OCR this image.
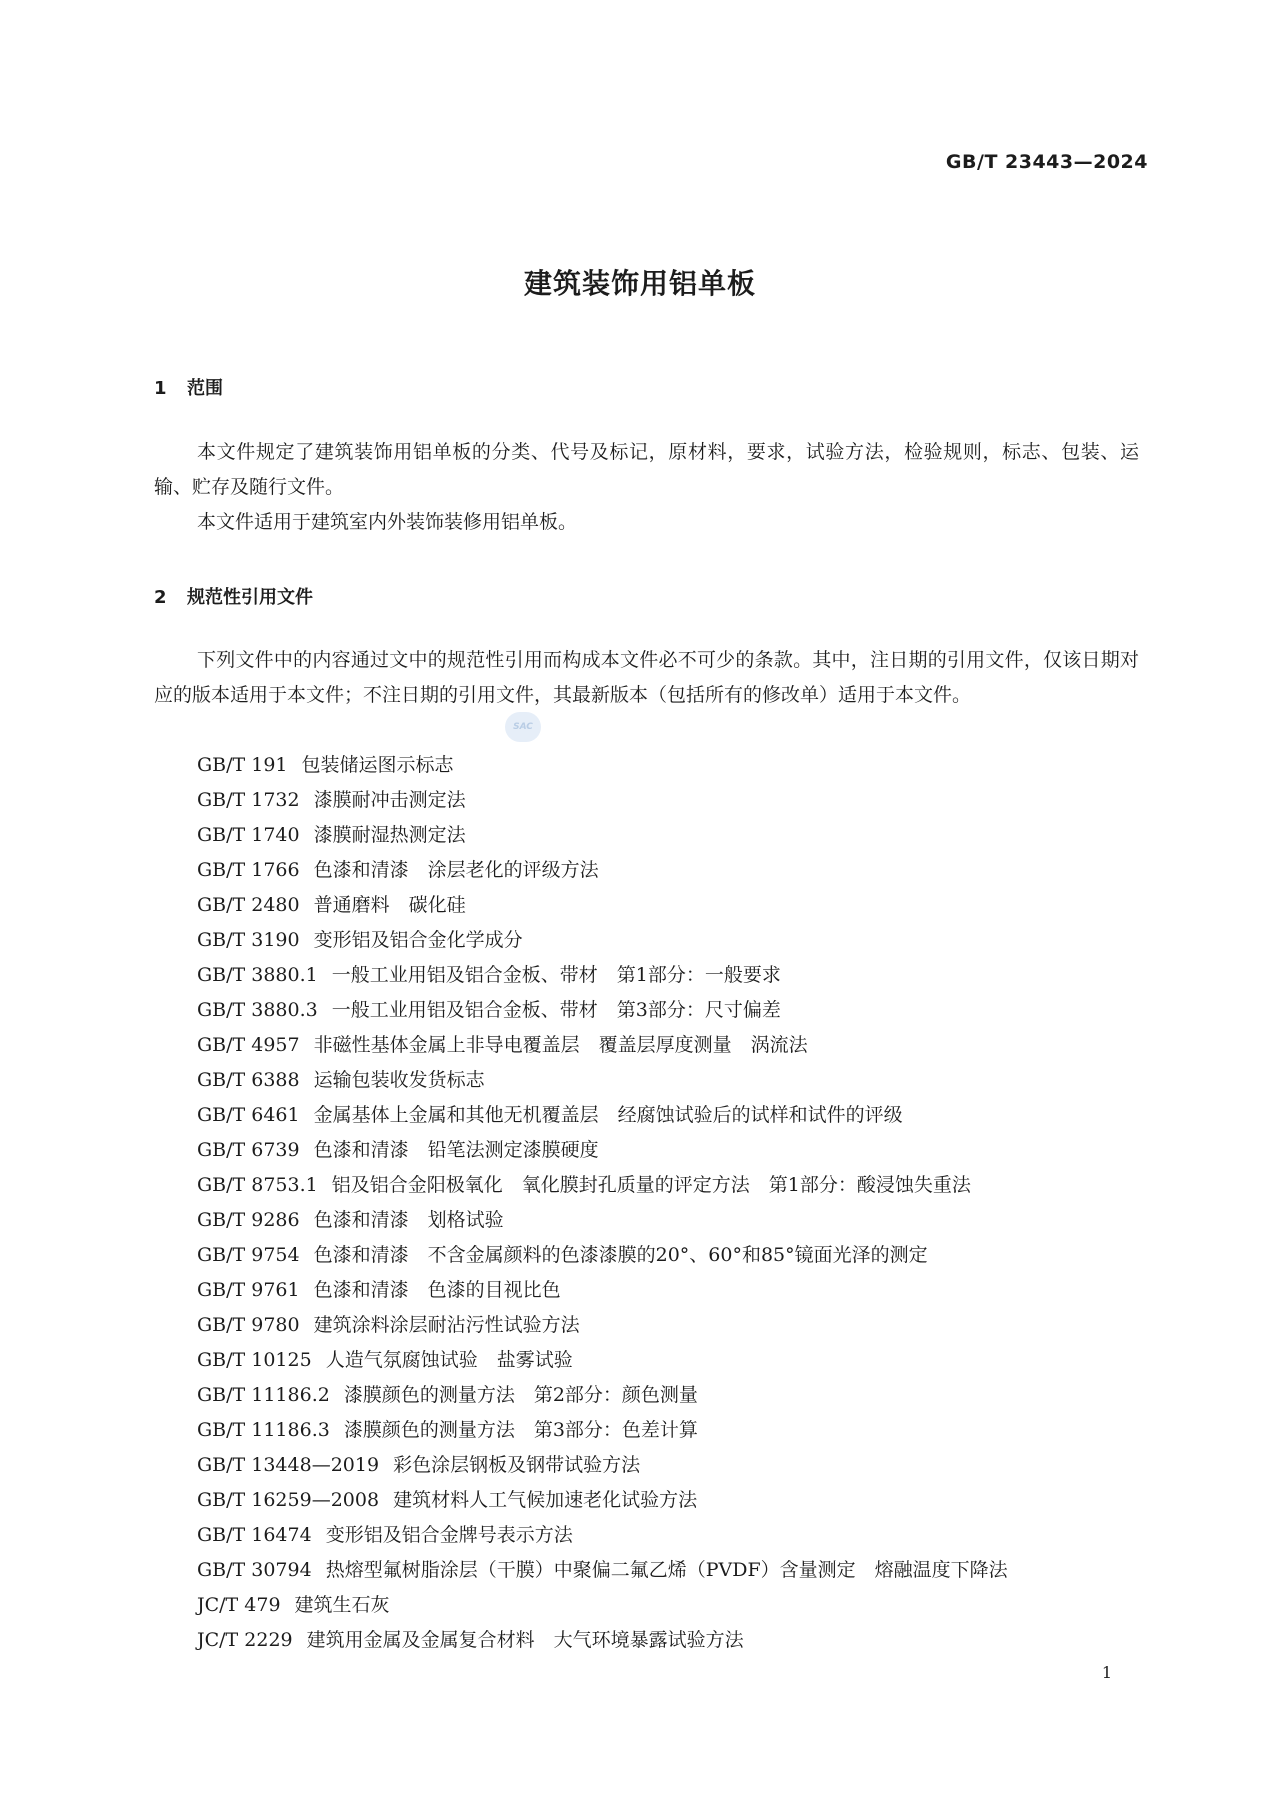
GB/T 23443—2024
建筑装饰用铝单板
1 范围

本文件规定了建筑装饰用铝单板的分类、代号及标记，原材料，要求，试验方法，检验规则，标志、包装、运输、贮存及随行文件。

本文件适用于建筑室内外装饰装修用铝单板。

2 规范性引用文件

下列文件中的内容通过文中的规范性引用而构成本文件必不可少的条款。其中，注日期的引用文件，仅该日期对应的版本适用于本文件；不注日期的引用文件，其最新版本（包括所有的修改单）适用于本文件。

SAC
GB/T 191 包装储运图示标志
GB/T 1732 漆膜耐冲击测定法
GB/T 1740 漆膜耐湿热测定法
GB/T 1766 色漆和清漆　涂层老化的评级方法
GB/T 2480 普通磨料　碳化硅
GB/T 3190 变形铝及铝合金化学成分
GB/T 3880.1 一般工业用铝及铝合金板、带材　第1部分：一般要求
GB/T 3880.3 一般工业用铝及铝合金板、带材　第3部分：尺寸偏差
GB/T 4957 非磁性基体金属上非导电覆盖层　覆盖层厚度测量　涡流法
GB/T 6388 运输包装收发货标志
GB/T 6461 金属基体上金属和其他无机覆盖层　经腐蚀试验后的试样和试件的评级
GB/T 6739 色漆和清漆　铅笔法测定漆膜硬度
GB/T 8753.1 铝及铝合金阳极氧化　氧化膜封孔质量的评定方法　第1部分：酸浸蚀失重法
GB/T 9286 色漆和清漆　划格试验
GB/T 9754 色漆和清漆　不含金属颜料的色漆漆膜的20°、60°和85°镜面光泽的测定
GB/T 9761 色漆和清漆　色漆的目视比色
GB/T 9780 建筑涂料涂层耐沾污性试验方法
GB/T 10125 人造气氛腐蚀试验　盐雾试验
GB/T 11186.2 漆膜颜色的测量方法　第2部分：颜色测量
GB/T 11186.3 漆膜颜色的测量方法　第3部分：色差计算
GB/T 13448—2019 彩色涂层钢板及钢带试验方法
GB/T 16259—2008 建筑材料人工气候加速老化试验方法
GB/T 16474 变形铝及铝合金牌号表示方法
GB/T 30794 热熔型氟树脂涂层（干膜）中聚偏二氟乙烯（PVDF）含量测定　熔融温度下降法
JC/T 479 建筑生石灰
JC/T 2229 建筑用金属及金属复合材料　大气环境暴露试验方法
1
